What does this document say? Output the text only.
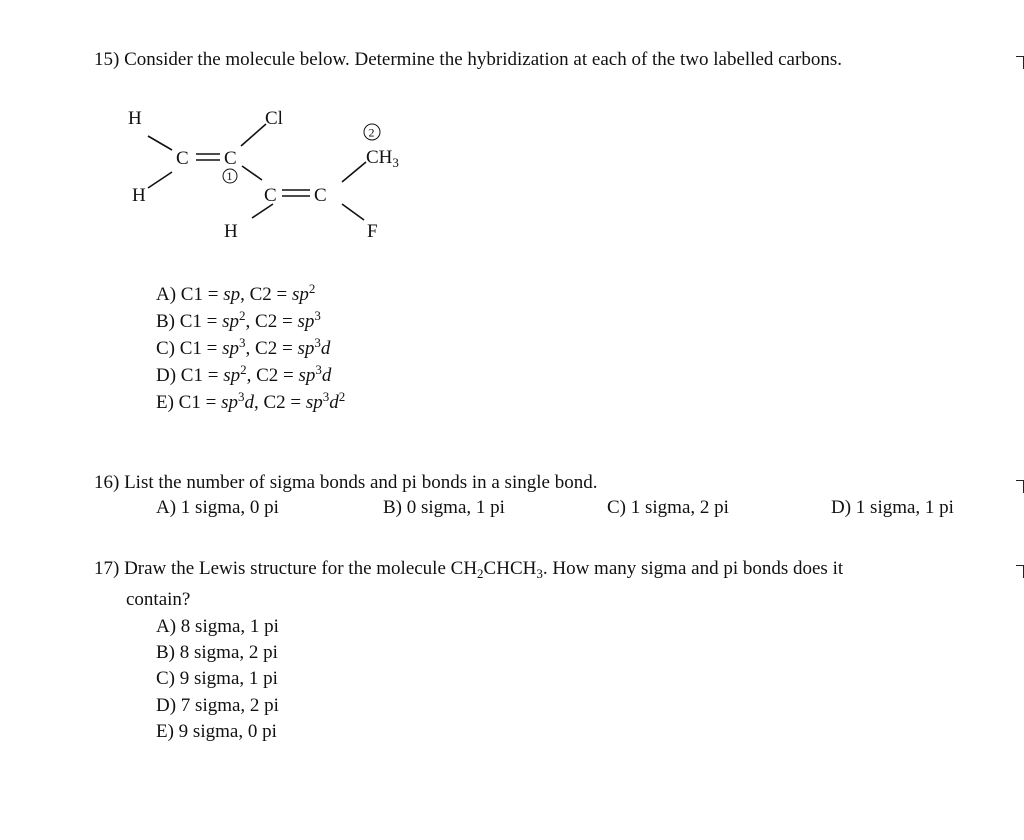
15) Consider the molecule below. Determine the hybridization at each of the two labelled carbons.
H
H
Cl
C C
C C
H
$CH_3$
F
1
2
A) C1 = sp, $C2 = sp^2$
B) $C1 = sp^2$, $C2 = sp^3$
C) $C1 = sp^3$, $C2 = sp^3d$
D) $C1 = sp^2$, $C2 = sp^3d$
E) $C1 = sp^3d$, $C2 = sp^3d^2$
16) List the number of sigma bonds and pi bonds in a single bond.
A) 1 sigma, 0 pi	B) 0 sigma, 1 pi	C) 1 sigma, 2 pi	D) 1 sigma, 1 pi
17) Draw the Lewis structure for the molecule $CH_2CHCH_3$. How many sigma and pi bonds does it
contain?
A) 8 sigma, 1 pi
B) 8 sigma, 2 pi
C) 9 sigma, 1 pi
D) 7 sigma, 2 pi
E) 9 sigma, 0 pi
